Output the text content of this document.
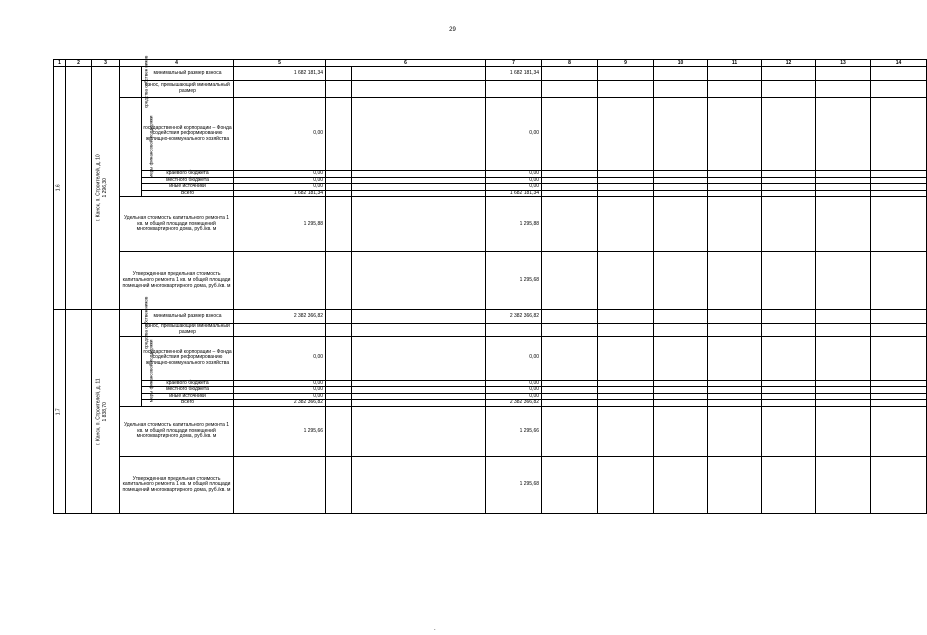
29
1	2	3	4		5	6		7	8	9	10	11	12	13	14
1.6	г. Канск, п. Строителей, д. 10	1 296,30	средства собствен ников	минимальный размер взноса	1 682 181,34			1 682 181,34							
				взнос, превышающий минимальный размер											
			меры финансовой поддержки	государственной корпорации – Фонда содействия реформированию жилищно-коммунального хозяйства	0,00			0,00							
				краевого бюджета	0,00			0,00							
				местного бюджета	0,00			0,00							
				иные источники	0,00			0,00							
				Всего	1 682 181,34			1 682 181,34							
			Удельная стоимость капитального ремонта 1 кв. м общей площади помещений многоквартирного дома, руб./кв. м		1 295,88			1 295,88							
			Утвержденная предельная стоимость капитального ремонта 1 кв. м общей площади помещений многоквартирного дома, руб./кв. м					1 295,68							
1.7	г. Канск, п. Строителей, д. 11	1 838,70	средства собствен ников	минимальный размер взноса	2 382 366,82			2 382 366,82							
				взнос, превышающий минимальный размер											
			меры финансовой поддержки	государственной корпорации – Фонда содействия реформированию жилищно-коммунального хозяйства	0,00			0,00							
				краевого бюджета	0,00			0,00							
				местного бюджета	0,00			0,00							
				иные источники	0,00			0,00							
				Всего	2 382 366,82			2 382 366,82							
			Удельная стоимость капитального ремонта 1 кв. м общей площади помещений многоквартирного дома, руб./кв. м		1 295,66			1 295,66							
			Утвержденная предельная стоимость капитального ремонта 1 кв. м общей площади помещений многоквартирного дома, руб./кв. м					1 295,68							
.
